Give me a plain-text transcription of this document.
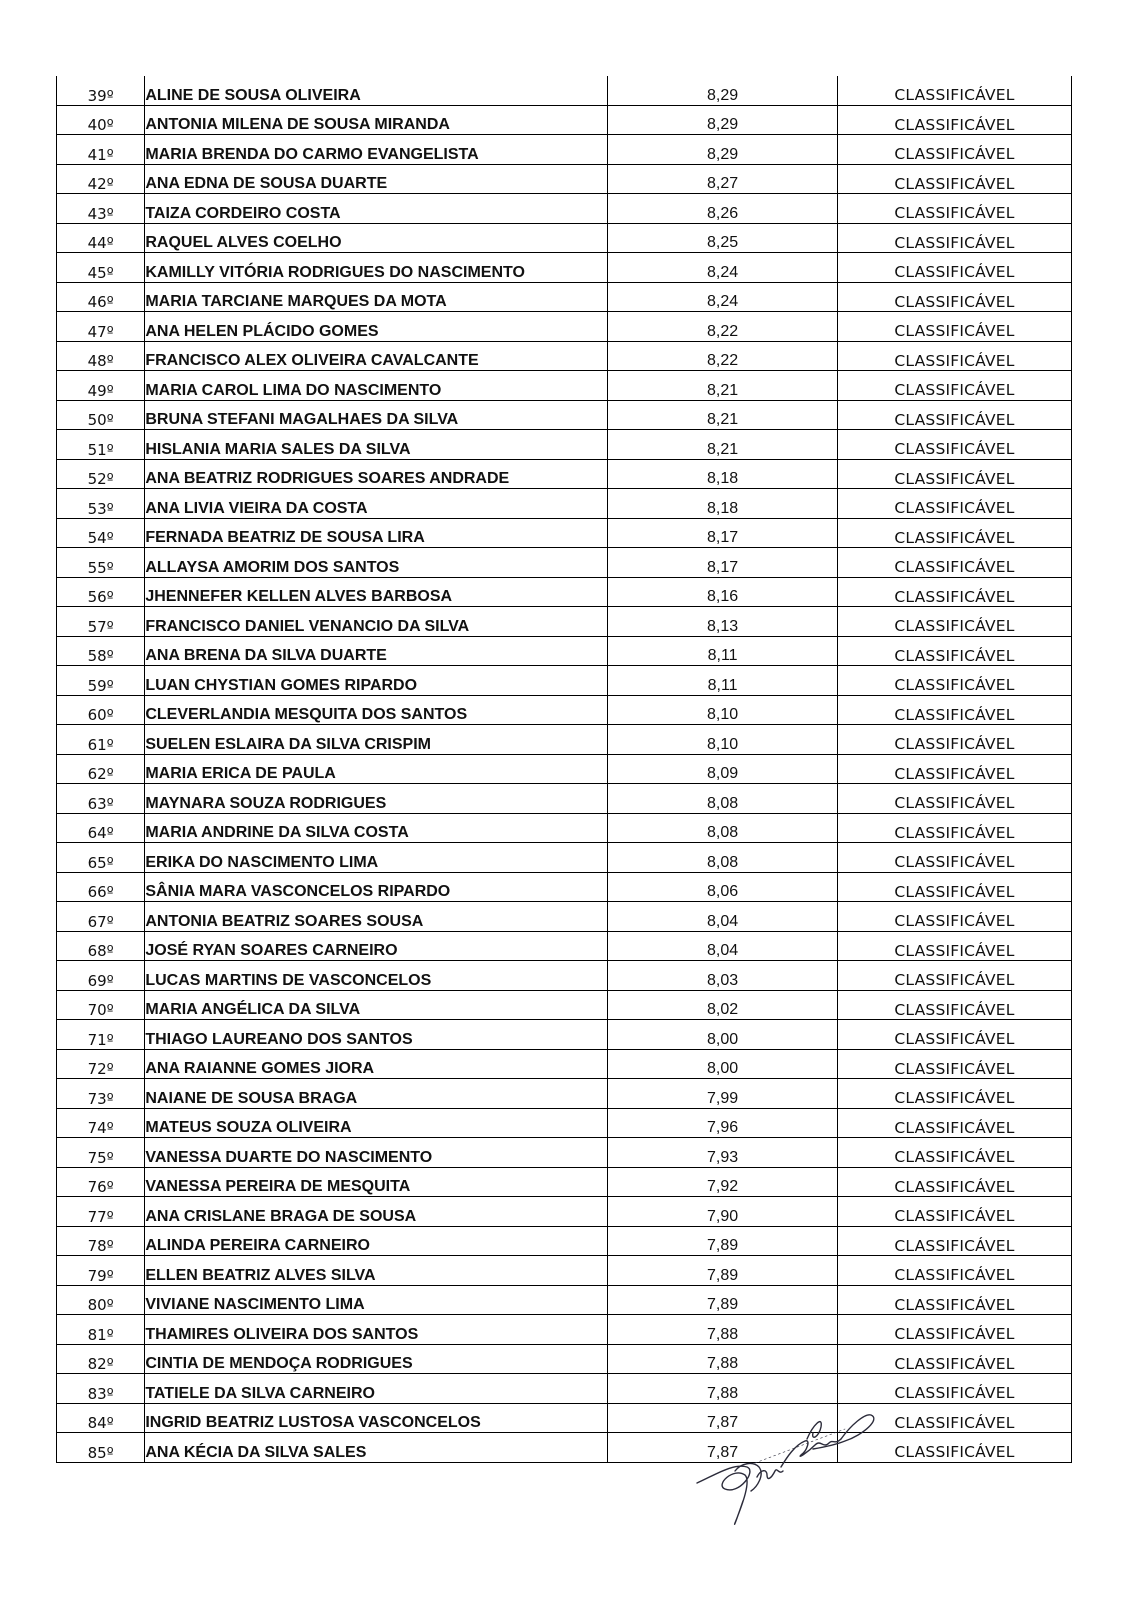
39º	ALINE DE SOUSA OLIVEIRA	8,29	CLASSIFICÁVEL
40º	ANTONIA MILENA DE SOUSA MIRANDA	8,29	CLASSIFICÁVEL
41º	MARIA BRENDA DO CARMO EVANGELISTA	8,29	CLASSIFICÁVEL
42º	ANA EDNA DE SOUSA DUARTE	8,27	CLASSIFICÁVEL
43º	TAIZA CORDEIRO COSTA	8,26	CLASSIFICÁVEL
44º	RAQUEL ALVES COELHO	8,25	CLASSIFICÁVEL
45º	KAMILLY VITÓRIA RODRIGUES DO NASCIMENTO	8,24	CLASSIFICÁVEL
46º	MARIA TARCIANE MARQUES DA MOTA	8,24	CLASSIFICÁVEL
47º	ANA HELEN PLÁCIDO GOMES	8,22	CLASSIFICÁVEL
48º	FRANCISCO ALEX OLIVEIRA CAVALCANTE	8,22	CLASSIFICÁVEL
49º	MARIA CAROL LIMA DO NASCIMENTO	8,21	CLASSIFICÁVEL
50º	BRUNA STEFANI MAGALHAES DA SILVA	8,21	CLASSIFICÁVEL
51º	HISLANIA MARIA SALES DA SILVA	8,21	CLASSIFICÁVEL
52º	ANA BEATRIZ RODRIGUES SOARES ANDRADE	8,18	CLASSIFICÁVEL
53º	ANA LIVIA VIEIRA DA COSTA	8,18	CLASSIFICÁVEL
54º	FERNADA BEATRIZ DE SOUSA LIRA	8,17	CLASSIFICÁVEL
55º	ALLAYSA AMORIM DOS SANTOS	8,17	CLASSIFICÁVEL
56º	JHENNEFER KELLEN ALVES BARBOSA	8,16	CLASSIFICÁVEL
57º	FRANCISCO DANIEL VENANCIO DA SILVA	8,13	CLASSIFICÁVEL
58º	ANA BRENA DA SILVA DUARTE	8,11	CLASSIFICÁVEL
59º	LUAN CHYSTIAN GOMES RIPARDO	8,11	CLASSIFICÁVEL
60º	CLEVERLANDIA MESQUITA DOS SANTOS	8,10	CLASSIFICÁVEL
61º	SUELEN ESLAIRA DA SILVA CRISPIM	8,10	CLASSIFICÁVEL
62º	MARIA ERICA DE PAULA	8,09	CLASSIFICÁVEL
63º	MAYNARA SOUZA RODRIGUES	8,08	CLASSIFICÁVEL
64º	MARIA ANDRINE DA SILVA COSTA	8,08	CLASSIFICÁVEL
65º	ERIKA DO NASCIMENTO LIMA	8,08	CLASSIFICÁVEL
66º	SÂNIA MARA VASCONCELOS RIPARDO	8,06	CLASSIFICÁVEL
67º	ANTONIA BEATRIZ SOARES SOUSA	8,04	CLASSIFICÁVEL
68º	JOSÉ RYAN SOARES CARNEIRO	8,04	CLASSIFICÁVEL
69º	LUCAS MARTINS DE VASCONCELOS	8,03	CLASSIFICÁVEL
70º	MARIA ANGÉLICA DA SILVA	8,02	CLASSIFICÁVEL
71º	THIAGO LAUREANO DOS SANTOS	8,00	CLASSIFICÁVEL
72º	ANA RAIANNE GOMES JIORA	8,00	CLASSIFICÁVEL
73º	NAIANE DE SOUSA BRAGA	7,99	CLASSIFICÁVEL
74º	MATEUS SOUZA OLIVEIRA	7,96	CLASSIFICÁVEL
75º	VANESSA DUARTE DO NASCIMENTO	7,93	CLASSIFICÁVEL
76º	VANESSA PEREIRA DE MESQUITA	7,92	CLASSIFICÁVEL
77º	ANA CRISLANE BRAGA DE SOUSA	7,90	CLASSIFICÁVEL
78º	ALINDA PEREIRA CARNEIRO	7,89	CLASSIFICÁVEL
79º	ELLEN BEATRIZ ALVES SILVA	7,89	CLASSIFICÁVEL
80º	VIVIANE NASCIMENTO LIMA	7,89	CLASSIFICÁVEL
81º	THAMIRES OLIVEIRA DOS SANTOS	7,88	CLASSIFICÁVEL
82º	CINTIA DE MENDOÇA RODRIGUES	7,88	CLASSIFICÁVEL
83º	TATIELE DA SILVA CARNEIRO	7,88	CLASSIFICÁVEL
84º	INGRID BEATRIZ LUSTOSA VASCONCELOS	7,87	CLASSIFICÁVEL
85º	ANA KÉCIA DA SILVA SALES	7,87	CLASSIFICÁVEL
